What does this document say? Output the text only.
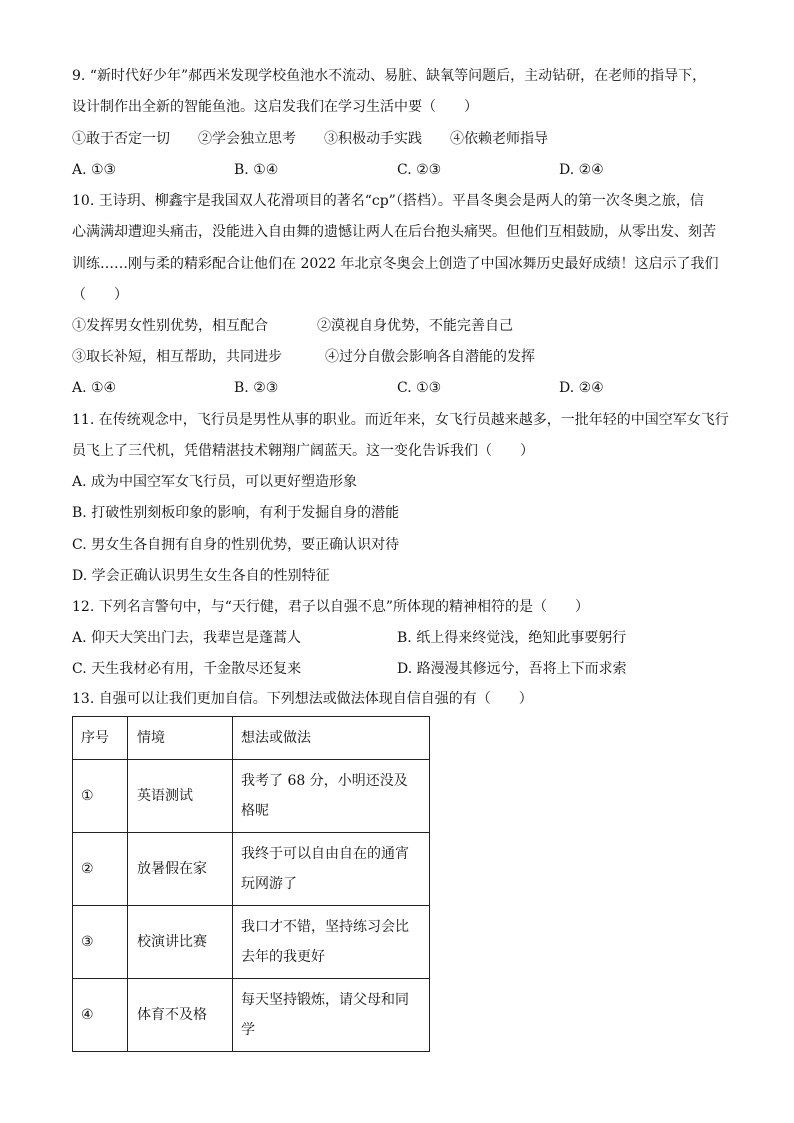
9. “新时代好少年”郝西米发现学校鱼池水不流动、易脏、缺氧等问题后，主动钻研，在老师的指导下，
设计制作出全新的智能鱼池。这启发我们在学习生活中要（　　）
①敢于否定一切　　②学会独立思考　　③积极动手实践　　④依赖老师指导
A. ①③	B. ①④	C. ②③	D. ②④
10. 王诗玥、柳鑫宇是我国双人花滑项目的著名“cp”（搭档）。平昌冬奥会是两人的第一次冬奥之旅，信
心满满却遭迎头痛击，没能进入自由舞的遗憾让两人在后台抱头痛哭。但他们互相鼓励，从零出发、刻苦
训练……刚与柔的精彩配合让他们在 2022 年北京冬奥会上创造了中国冰舞历史最好成绩！这启示了我们
（　　）
①发挥男女性别优势，相互配合	②漠视自身优势，不能完善自己
③取长补短，相互帮助，共同进步	④过分自傲会影响各自潜能的发挥
A. ①④	B. ②③	C. ①③	D. ②④
11. 在传统观念中，飞行员是男性从事的职业。而近年来，女飞行员越来越多，一批年轻的中国空军女飞行
员飞上了三代机，凭借精湛技术翱翔广阔蓝天。这一变化告诉我们（　　）
A. 成为中国空军女飞行员，可以更好塑造形象
B. 打破性别刻板印象的影响，有利于发掘自身的潜能
C. 男女生各自拥有自身的性别优势，要正确认识对待
D. 学会正确认识男生女生各自的性别特征
12. 下列名言警句中，与“天行健，君子以自强不息”所体现的精神相符的是（　　）
A. 仰天大笑出门去，我辈岂是蓬蒿人	B. 纸上得来终觉浅，绝知此事要躬行
C. 天生我材必有用，千金散尽还复来	D. 路漫漫其修远兮，吾将上下而求索
13. 自强可以让我们更加自信。下列想法或做法体现自信自强的有（　　）
序号	情境	想法或做法
①	英语测试	我考了 68 分，小明还没及格呢
②	放暑假在家	我终于可以自由自在的通宵玩网游了
③	校演讲比赛	我口才不错，坚持练习会比去年的我更好
④	体育不及格	每天坚持锻炼，请父母和同学
